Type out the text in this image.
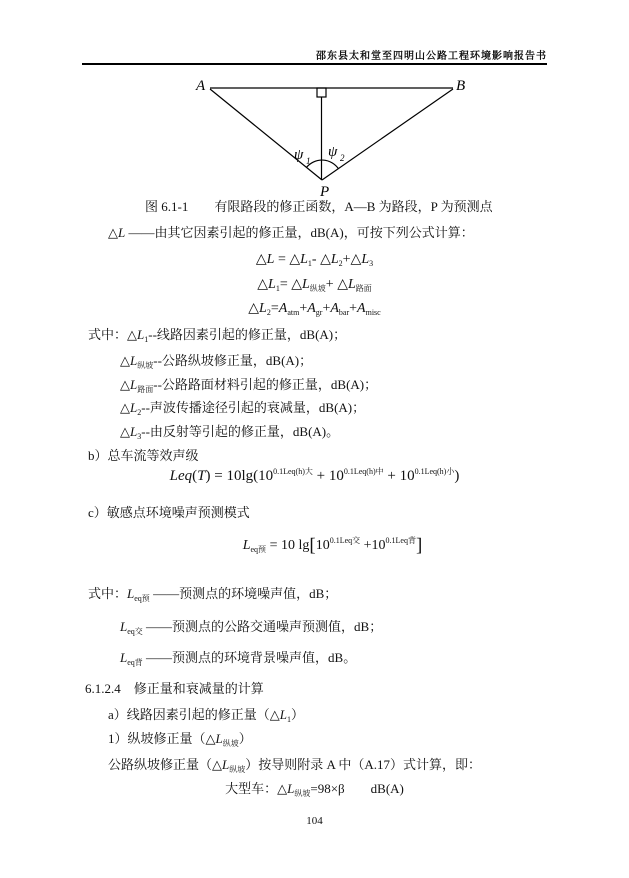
邵东县太和堂至四明山公路工程环境影响报告书
A	B
P
ψ 1
ψ 2
图 6.1-1　　有限路段的修正函数，A—B 为路段，P 为预测点
△L ——由其它因素引起的修正量，dB(A)，可按下列公式计算：
△L = $\triangle L_1-$ $\triangle L_2+\triangle L_3$
$\triangle L_1=$ $\triangle L_{纵坡}+$ $\triangle L_{路面}$
$\triangle L_2=A_{atm}+A_{gr}+A_{bar}+A_{misc}$
式中：$\triangle L_1--$线路因素引起的修正量，dB(A)；
$\triangle L_{纵坡}--$公路纵坡修正量，dB(A)；
$\triangle L_{路面}--$公路路面材料引起的修正量，dB(A)；
$\triangle L_2--$声波传播途径引起的衰减量，dB(A)；
$\triangle L_3--$由反射等引起的修正量，dB(A)。
b）总车流等效声级
$Leq(T) = 10\lg(10^{0.1Leq(h)大} + 10^{0.1Leq(h)中} + 10^{0.1Leq(h)小})$
c）敏感点环境噪声预测模式
$L_{eq预} = 10$ $\lg[10^{0.1Leq交} +10^{0.1Leq背}]$
式中：$L_{eq预}$ ——预测点的环境噪声值，dB；
$L_{eq交}$ ——预测点的公路交通噪声预测值，dB；
$L_{eq背}$ ——预测点的环境背景噪声值，dB。
6.1.2.4　修正量和衰减量的计算
a）线路因素引起的修正量$(\triangle L_1)$
1）纵坡修正量$(\triangle L_{纵坡})$
公路纵坡修正量$(\triangle L_{纵坡})$按导则附录 A 中（A.17）式计算，即：
大型车：$\triangle L_{纵坡}=98\times\beta$　　dB(A)
104
